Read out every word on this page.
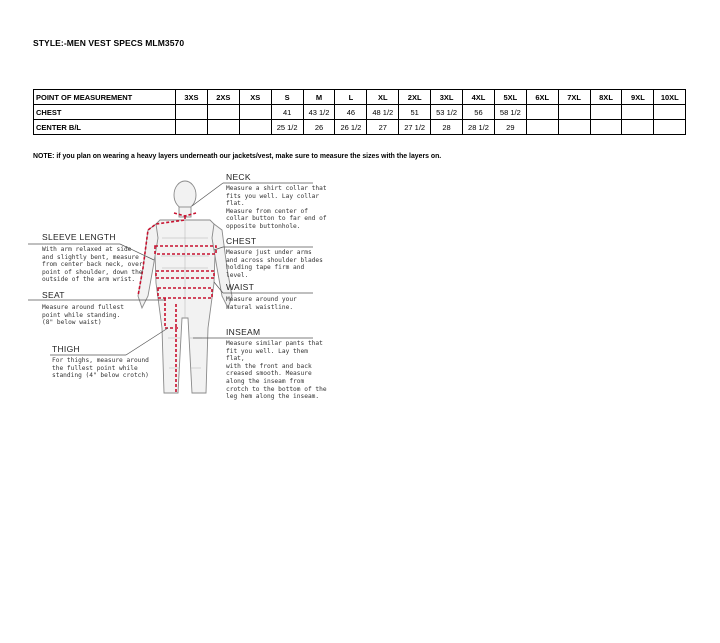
STYLE:-MEN VEST SPECS MLM3570
POINT OF MEASUREMENT	3XS	2XS	XS	S	M	L	XL	2XL	3XL	4XL	5XL	6XL	7XL	8XL	9XL	10XL
CHEST				41	43 1/2	46	48 1/2	51	53 1/2	56	58 1/2					
CENTER B/L				25 1/2	26	26 1/2	27	27 1/2	28	28 1/2	29					
NOTE: if you plan on wearing a heavy layers underneath our jackets/vest, make sure to measure the sizes with the layers on.
NECK
Measure a shirt collar that
fits you well. Lay collar flat.
Measure from center of
collar button to far end of
opposite buttonhole.
CHEST
Measure just under arms
and across shoulder blades
holding tape firm and level.
WAIST
Measure around your
natural waistline.
INSEAM
Measure similar pants that
fit you well. Lay them flat,
with the front and back
creased smooth. Measure
along the inseam from
crotch to the bottom of the
leg hem along the inseam.
SLEEVE LENGTH
With arm relaxed at side
and slightly bent, measure
from center back neck, over
point of shoulder, down the
outside of the arm wrist.
SEAT
Measure around fullest
point while standing.
(8" below waist)
THIGH
For thighs, measure around
the fullest point while
standing (4" below crotch)
